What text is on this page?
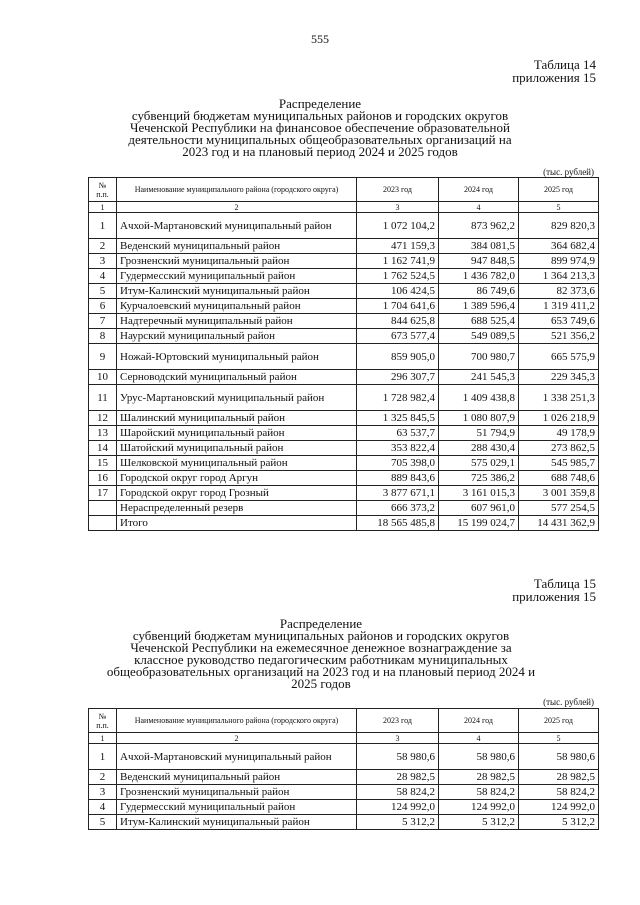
555
Таблица 14
приложения 15
Распределение
субвенций бюджетам муниципальных районов и городских округов
Чеченской Республики на финансовое обеспечение образовательной
деятельности муниципальных общеобразовательных организаций на
2023 год и на плановый период 2024 и 2025 годов
(тыс. рублей)
№ п.п.	Наименование муниципального района (городского округа)	2023 год	2024 год	2025 год
1	2	3	4	5
1	Ачхой-Мартановский муниципальный район	1 072 104,2	873 962,2	829 820,3
2	Веденский муниципальный район	471 159,3	384 081,5	364 682,4
3	Грозненский муниципальный район	1 162 741,9	947 848,5	899 974,9
4	Гудермесский муниципальный район	1 762 524,5	1 436 782,0	1 364 213,3
5	Итум-Калинский муниципальный район	106 424,5	86 749,6	82 373,6
6	Курчалоевский муниципальный район	1 704 641,6	1 389 596,4	1 319 411,2
7	Надтеречный муниципальный район	844 625,8	688 525,4	653 749,6
8	Наурский муниципальный район	673 577,4	549 089,5	521 356,2
9	Ножай-Юртовский муниципальный район	859 905,0	700 980,7	665 575,9
10	Серноводский муниципальный район	296 307,7	241 545,3	229 345,3
11	Урус-Мартановский муниципальный район	1 728 982,4	1 409 438,8	1 338 251,3
12	Шалинский муниципальный район	1 325 845,5	1 080 807,9	1 026 218,9
13	Шаройский муниципальный район	63 537,7	51 794,9	49 178,9
14	Шатойский муниципальный район	353 822,4	288 430,4	273 862,5
15	Шелковской муниципальный район	705 398,0	575 029,1	545 985,7
16	Городской округ город Аргун	889 843,6	725 386,2	688 748,6
17	Городской округ город Грозный	3 877 671,1	3 161 015,3	3 001 359,8
	Нераспределенный резерв	666 373,2	607 961,0	577 254,5
	Итого	18 565 485,8	15 199 024,7	14 431 362,9
Таблица 15
приложения 15
Распределение
субвенций бюджетам муниципальных районов и городских округов
Чеченской Республики на ежемесячное денежное вознаграждение за
классное руководство педагогическим работникам муниципальных
общеобразовательных организаций на 2023 год и на плановый период 2024 и
2025 годов
(тыс. рублей)
№ п.п.	Наименование муниципального района (городского округа)	2023 год	2024 год	2025 год
1	2	3	4	5
1	Ачхой-Мартановский муниципальный район	58 980,6	58 980,6	58 980,6
2	Веденский муниципальный район	28 982,5	28 982,5	28 982,5
3	Грозненский муниципальный район	58 824,2	58 824,2	58 824,2
4	Гудермесский муниципальный район	124 992,0	124 992,0	124 992,0
5	Итум-Калинский муниципальный район	5 312,2	5 312,2	5 312,2
